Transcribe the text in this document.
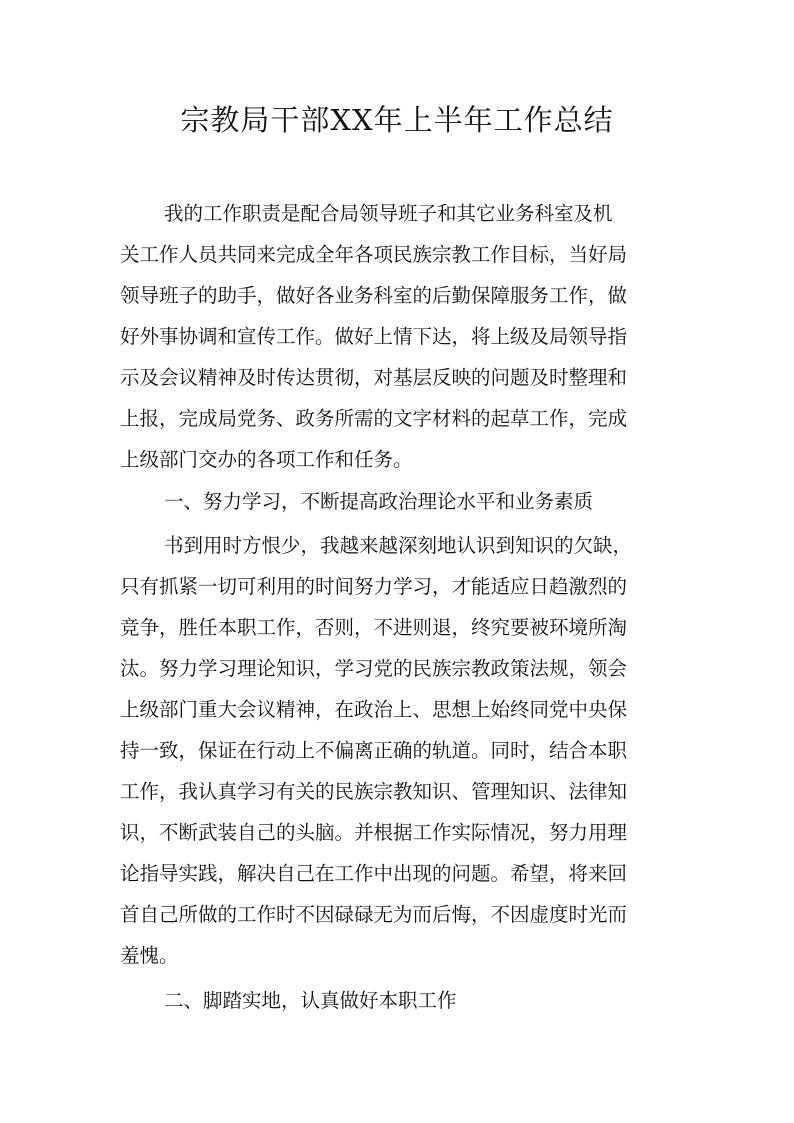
宗教局干部XX年上半年工作总结
我的工作职责是配合局领导班子和其它业务科室及机
关工作人员共同来完成全年各项民族宗教工作目标，当好局
领导班子的助手，做好各业务科室的后勤保障服务工作，做
好外事协调和宣传工作。做好上情下达，将上级及局领导指
示及会议精神及时传达贯彻，对基层反映的问题及时整理和
上报，完成局党务、政务所需的文字材料的起草工作，完成
上级部门交办的各项工作和任务。
一、努力学习，不断提高政治理论水平和业务素质
书到用时方恨少，我越来越深刻地认识到知识的欠缺，
只有抓紧一切可利用的时间努力学习，才能适应日趋激烈的
竞争，胜任本职工作，否则，不进则退，终究要被环境所淘
汰。努力学习理论知识，学习党的民族宗教政策法规，领会
上级部门重大会议精神，在政治上、思想上始终同党中央保
持一致，保证在行动上不偏离正确的轨道。同时，结合本职
工作，我认真学习有关的民族宗教知识、管理知识、法律知
识，不断武装自己的头脑。并根据工作实际情况，努力用理
论指导实践，解决自己在工作中出现的问题。希望，将来回
首自己所做的工作时不因碌碌无为而后悔，不因虚度时光而
羞愧。
二、脚踏实地，认真做好本职工作
